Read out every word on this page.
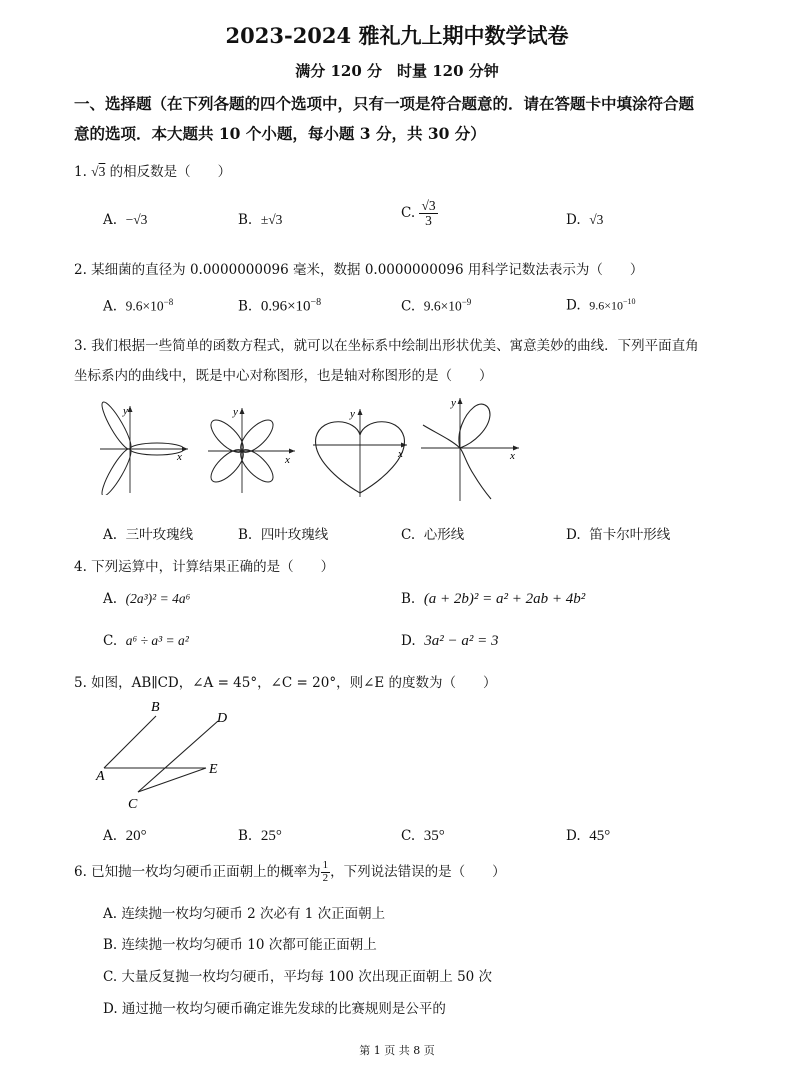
2023-2024 雅礼九上期中数学试卷
满分 120 分　时量 120 分钟
一、选择题（在下列各题的四个选项中，只有一项是符合题意的．请在答题卡中填涂符合题
意的选项．本大题共 10 个小题，每小题 3 分，共 30 分）
1. √3 的相反数是（　　）
A. −√3	B. ±√3	C. $\frac{√3}{3}$	D. √3
2. 某细菌的直径为 0.0000000096 毫米，数据 0.0000000096 用科学记数法表示为（　　）
A. $9.6\times 10^{-8}$	B. $0.96\times 10^{-8}$	C. $9.6\times 10^{-9}$	D. $9.6\times 10^{-10}$
3. 我们根据一些简单的函数方程式，就可以在坐标系中绘制出形状优美、寓意美妙的曲线．下列平面直角
坐标系内的曲线中，既是中心对称图形，也是轴对称图形的是（　　）
y
x
y
x
y
x
y
x
A. 三叶玫瑰线	B. 四叶玫瑰线	C. 心形线	D. 笛卡尔叶形线
4. 下列运算中，计算结果正确的是（　　）
A. (2a³)² = 4a⁶	B. (a + 2b)² = a² + 2ab + 4b²
C. a⁶ ÷ a³ = a²	D. 3a² − a² = 3
5. 如图，AB∥CD，∠A = 45°，∠C = 20°，则∠E 的度数为（　　）
A
B
C
D
E
A. 20°	B. 25°	C. 35°	D. 45°
6. 已知抛一枚均匀硬币正面朝上的概率为 $\frac{1}{2}$ ，下列说法错误的是（　　）
A. 连续抛一枚均匀硬币 2 次必有 1 次正面朝上
B. 连续抛一枚均匀硬币 10 次都可能正面朝上
C. 大量反复抛一枚均匀硬币，平均每 100 次出现正面朝上 50 次
D. 通过抛一枚均匀硬币确定谁先发球的比赛规则是公平的
第 1 页 共 8 页
